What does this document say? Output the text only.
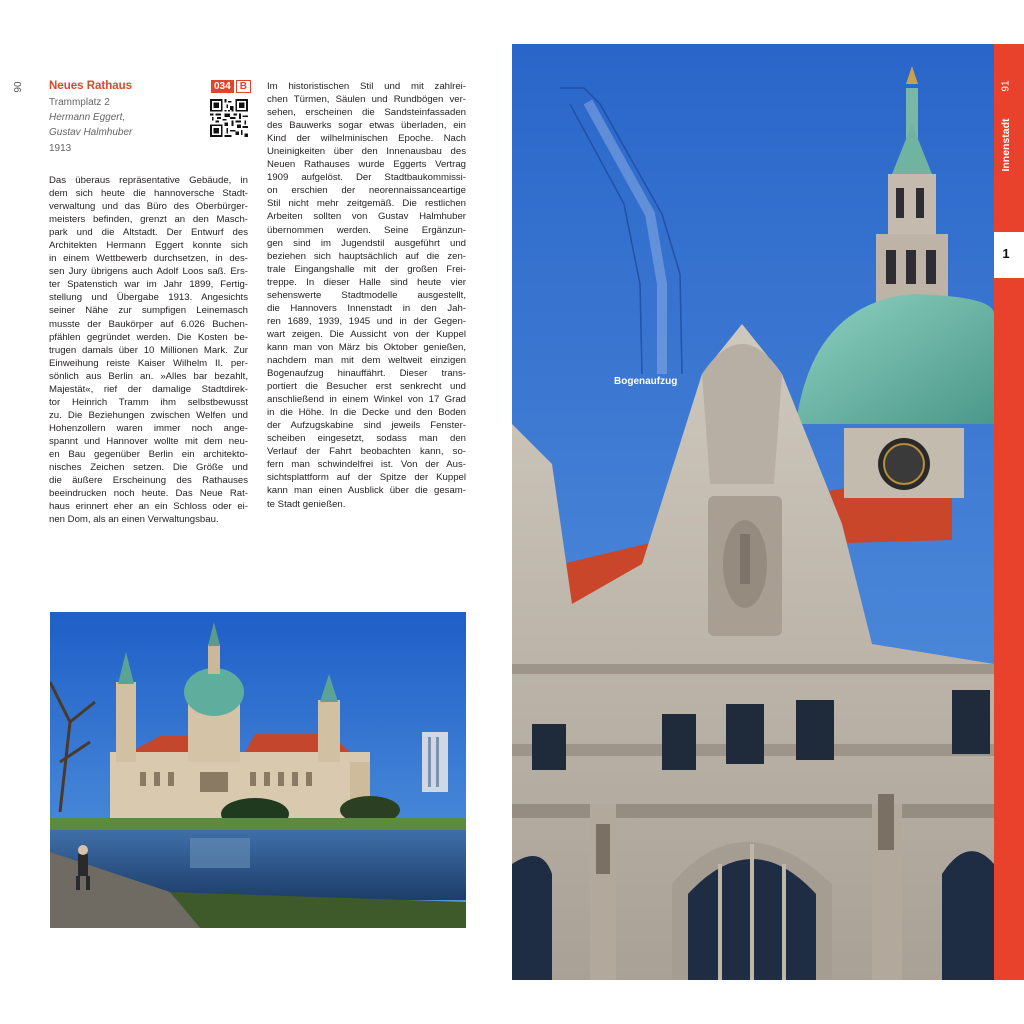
90 Neues Rathaus
Trammplatz 2
Hermann Eggert,
Gustav Halmhuber
1913
034 B
Das überaus repräsentative Gebäude, in
dem sich heute die hannoversche Stadt-
verwaltung und das Büro des Oberbürger-
meisters befinden, grenzt an den Masch-
park und die Altstadt. Der Entwurf des
Architekten Hermann Eggert konnte sich
in einem Wettbewerb durchsetzen, in des-
sen Jury übrigens auch Adolf Loos saß. Ers-
ter Spatenstich war im Jahr 1899, Fertig-
stellung und Übergabe 1913. Angesichts
seiner Nähe zur sumpfigen Leinemasch
musste der Baukörper auf 6.026 Buchen-
pfählen gegründet werden. Die Kosten be-
trugen damals über 10 Millionen Mark. Zur
Einweihung reiste Kaiser Wilhelm II. per-
sönlich aus Berlin an. »Alles bar bezahlt,
Majestät«, rief der damalige Stadtdirek-
tor Heinrich Tramm ihm selbstbewusst
zu. Die Beziehungen zwischen Welfen und
Hohenzollern waren immer noch ange-
spannt und Hannover wollte mit dem neu-
en Bau gegenüber Berlin ein architekto-
nisches Zeichen setzen. Die Größe und
die äußere Erscheinung des Rathauses
beeindrucken noch heute. Das Neue Rat-
haus erinnert eher an ein Schloss oder ei-
nen Dom, als an einen Verwaltungsbau.
Im historistischen Stil und mit zahlrei-
chen Türmen, Säulen und Rundbögen ver-
sehen, erscheinen die Sandsteinfassaden
des Bauwerks sogar etwas überladen, ein
Kind der wilhelminischen Epoche. Nach
Uneinigkeiten über den Innenausbau des
Neuen Rathauses wurde Eggerts Vertrag
1909 aufgelöst. Der Stadtbaukommissi-
on erschien der neorennaissanceartige
Stil nicht mehr zeitgemäß. Die restlichen
Arbeiten sollten von Gustav Halmhuber
übernommen werden. Seine Ergänzun-
gen sind im Jugendstil ausgeführt und
beziehen sich hauptsächlich auf die zen-
trale Eingangshalle mit der großen Frei-
treppe. In dieser Halle sind heute vier
sehenswerte Stadtmodelle ausgestellt,
die Hannovers Innenstadt in den Jah-
ren 1689, 1939, 1945 und in der Gegen-
wart zeigen. Die Aussicht von der Kuppel
kann man von März bis Oktober genießen,
nachdem man mit dem weltweit einzigen
Bogenaufzug hinauffährt. Dieser trans-
portiert die Besucher erst senkrecht und
anschließend in einem Winkel von 17 Grad
in die Höhe. In die Decke und den Boden
der Aufzugskabine sind jeweils Fenster-
scheiben eingesetzt, sodass man den
Verlauf der Fahrt beobachten kann, so-
fern man schwindelfrei ist. Von der Aus-
sichtsplattform auf der Spitze der Kuppel
kann man einen Ausblick über die gesam-
te Stadt genießen.
Bogenaufzug
1
Innenstadt
91
